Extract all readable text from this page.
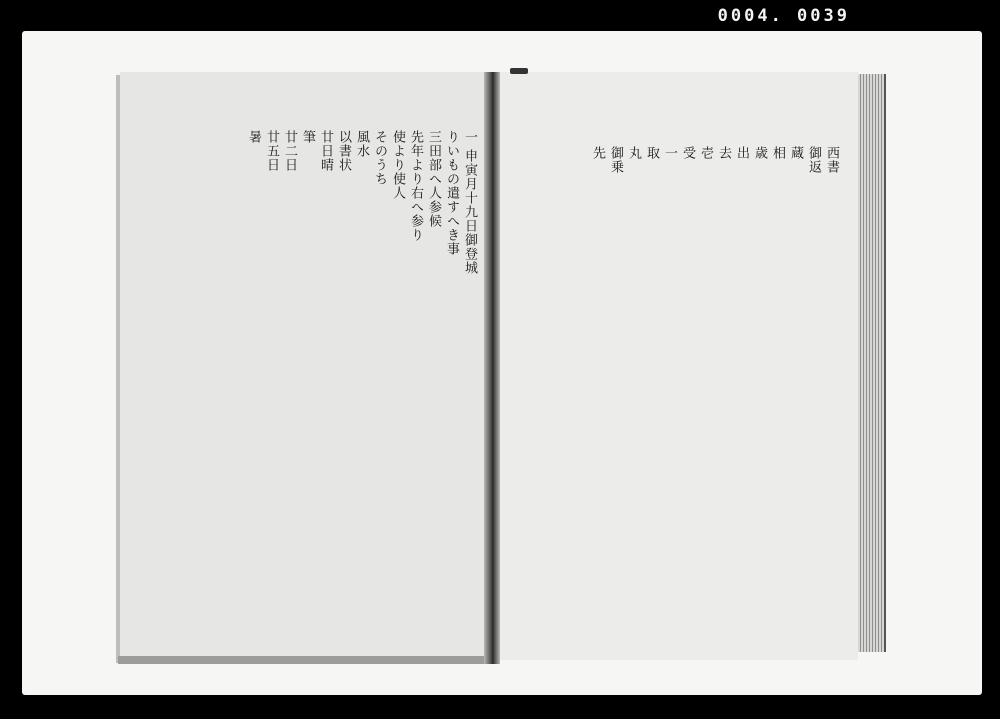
0004. 0039
一 申寅月十九日御登城
りいもの遣すへき事
三田部へ人参候
先年より右へ参り
使より使人
そのうち
風水
以書状
廿日晴
筆
廿二日
廿五日
暑
西書
御返
蔵
相
歳
出
去
壱
受
一
取
丸
御乗
先
